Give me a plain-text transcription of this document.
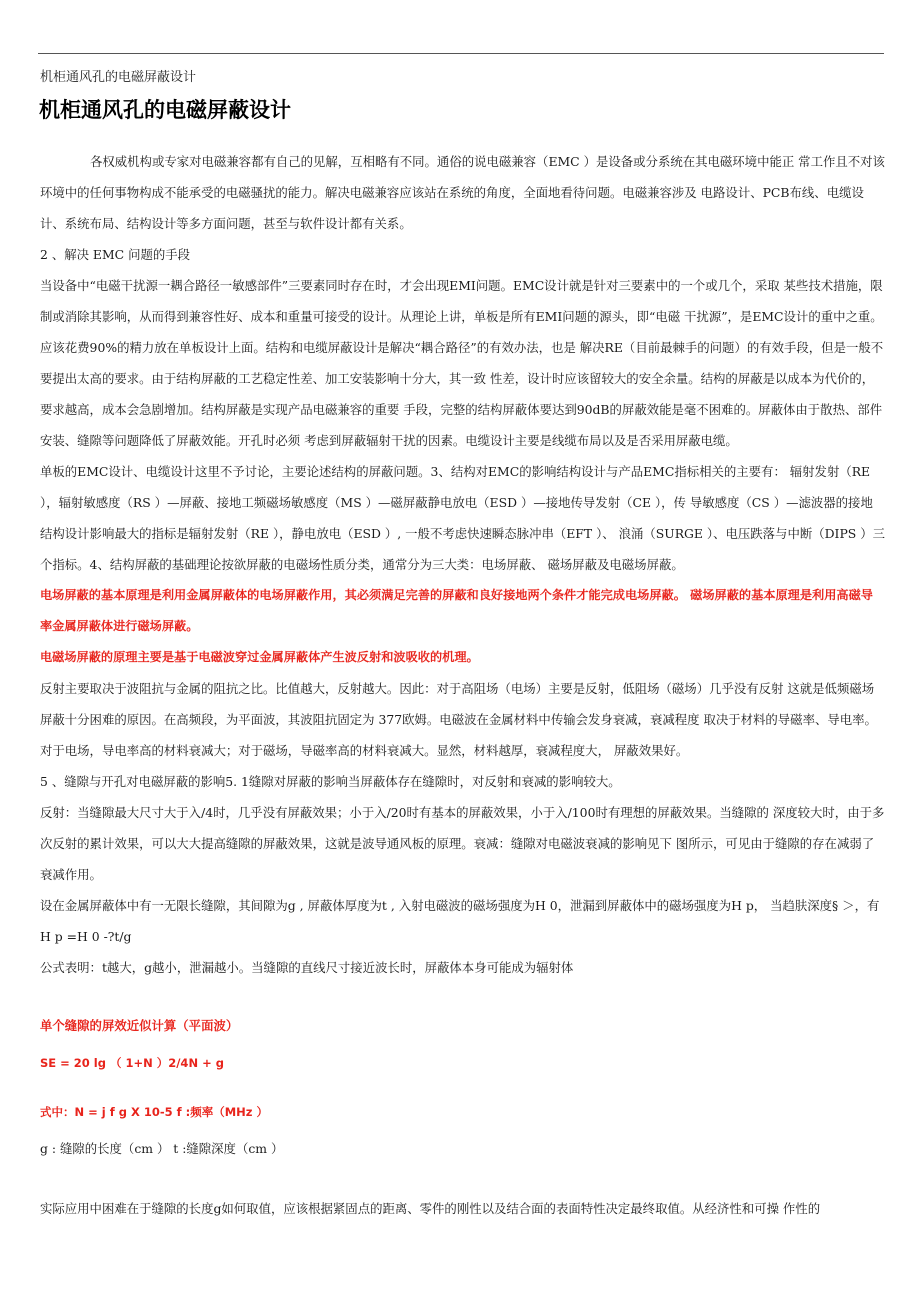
机柜通风孔的电磁屏蔽设计
机柜通风孔的电磁屏蔽设计

各权威机构或专家对电磁兼容都有自己的见解，互相略有不同。通俗的说电磁兼容（EMC ）是设备或分系统在其电磁环境中能正 常工作且不对该环境中的任何事物构成不能承受的电磁骚扰的能力。解决电磁兼容应该站在系统的角度，全面地看待问题。电磁兼容涉及 电路设计、PCB布线、电缆设计、系统布局、结构设计等多方面问题，甚至与软件设计都有关系。

2 、解决 EMC 问题的手段

当设备中“电磁干扰源一耦合路径一敏感部件”三要素同时存在时，才会出现EMI问题。EMC设计就是针对三要素中的一个或几个，采取 某些技术措施，限制或消除其影响，从而得到兼容性好、成本和重量可接受的设计。从理论上讲，单板是所有EMI问题的源头，即“电磁 干扰源”，是EMC设计的重中之重。应该花费90%的精力放在单板设计上面。结构和电缆屏蔽设计是解决“耦合路径”的有效办法，也是 解决RE（目前最棘手的问题）的有效手段，但是一般不要提出太高的要求。由于结构屏蔽的工艺稳定性差、加工安装影响十分大，其一致 性差，设计时应该留较大的安全余量。结构的屏蔽是以成本为代价的，要求越高，成本会急剧增加。结构屏蔽是实现产品电磁兼容的重要 手段，完整的结构屏蔽体要达到90dB的屏蔽效能是毫不困难的。屏蔽体由于散热、部件安装、缝隙等问题降低了屏蔽效能。开孔时必须 考虑到屏蔽辐射干扰的因素。电缆设计主要是线缆布局以及是否采用屏蔽电缆。

单板的EMC设计、电缆设计这里不予讨论，主要论述结构的屏蔽问题。3、结构对EMC的影响结构设计与产品EMC指标相关的主要有： 辐射发射（RE ），辐射敏感度（RS ）—屏蔽、接地工频磁场敏感度（MS ）—磁屏蔽静电放电（ESD ）—接地传导发射（CE ），传 导敏感度（CS ）—滤波器的接地结构设计影响最大的指标是辐射发射（RE ），静电放电（ESD ）, 一般不考虑快速瞬态脉冲串（EFT ）、 浪涌（SURGE ）、电压跌落与中断（DIPS ）三个指标。4、结构屏蔽的基础理论按欲屏蔽的电磁场性质分类，通常分为三大类：电场屏蔽、 磁场屏蔽及电磁场屏蔽。

电场屏蔽的基本原理是利用金属屏蔽体的电场屏蔽作用，其必须满足完善的屏蔽和良好接地两个条件才能完成电场屏蔽。 磁场屏蔽的基本原理是利用高磁导率金属屏蔽体进行磁场屏蔽。

电磁场屏蔽的原理主要是基于电磁波穿过金属屏蔽体产生波反射和波吸收的机理。

反射主要取决于波阻抗与金属的阻抗之比。比值越大，反射越大。因此：对于高阻场（电场）主要是反射，低阻场（磁场）几乎没有反射 这就是低频磁场屏蔽十分困难的原因。在高频段，为平面波，其波阻抗固定为 377欧姆。电磁波在金属材料中传输会发身衰减，衰减程度 取决于材料的导磁率、导电率。对于电场，导电率高的材料衰减大；对于磁场，导磁率高的材料衰减大。显然，材料越厚，衰减程度大， 屏蔽效果好。

5 、缝隙与开孔对电磁屏蔽的影响5. 1缝隙对屏蔽的影响当屏蔽体存在缝隙时，对反射和衰减的影响较大。

反射：当缝隙最大尺寸大于入/4时，几乎没有屏蔽效果；小于入/20时有基本的屏蔽效果，小于入/100时有理想的屏蔽效果。当缝隙的 深度较大时，由于多次反射的累计效果，可以大大提高缝隙的屏蔽效果，这就是波导通风板的原理。衰减：缝隙对电磁波衰减的影响见下 图所示，可见由于缝隙的存在减弱了衰减作用。

设在金属屏蔽体中有一无限长缝隙，其间隙为g , 屏蔽体厚度为t , 入射电磁波的磁场强度为H 0，泄漏到屏蔽体中的磁场强度为H p， 当趋肤深度§ ＞，有H p =H 0 -?t/g

公式表明：t越大，g越小，泄漏越小。当缝隙的直线尺寸接近波长时，屏蔽体本身可能成为辐射体

单个缝隙的屏效近似计算（平面波）
SE = 20 lg （ 1+N ）2/4N + g
式中：N = j f g X 10-5 f :频率（MHz ）
g : 缝隙的长度（cm ） t :缝隙深度（cm ）
实际应用中困难在于缝隙的长度g如何取值，应该根据紧固点的距离、零件的刚性以及结合面的表面特性决定最终取值。从经济性和可操 作性的
